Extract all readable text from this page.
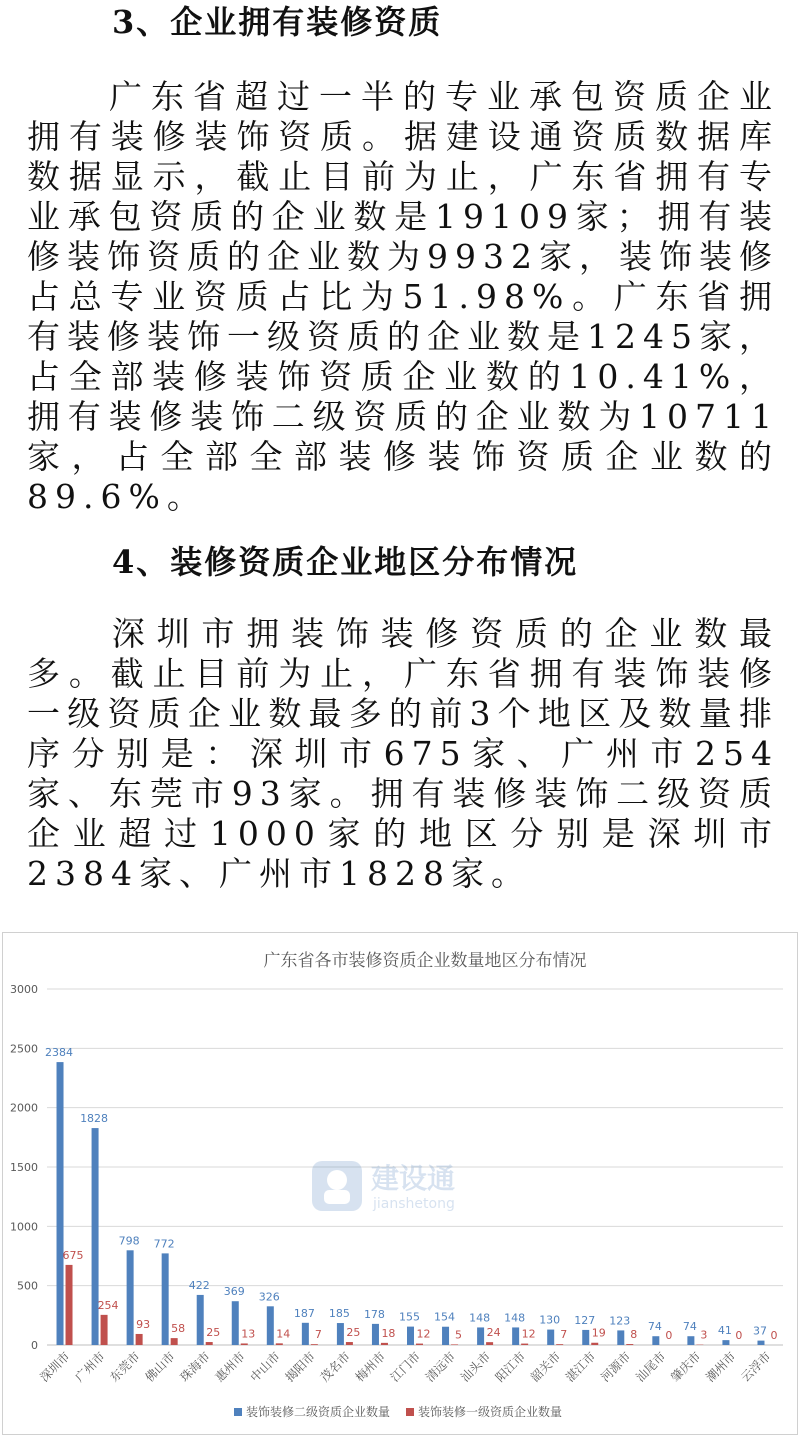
3、企业拥有装修资质

广东省超过一半的专业承包资质企业拥有装修装饰资质。据建设通资质数据库数据显示，截止目前为止，广东省拥有专业承包资质的企业数是19109家；拥有装修装饰资质的企业数为9932家，装饰装修占总专业资质占比为51.98%。广东省拥有装修装饰一级资质的企业数是1245家，占全部装修装饰资质企业数的10.41%，拥有装修装饰二级资质的企业数为10711家，占全部全部装修装饰资质企业数的89.6%。

4、装修资质企业地区分布情况

深圳市拥装饰装修资质的企业数最多。截止目前为止，广东省拥有装饰装修一级资质企业数最多的前3个地区及数量排序分别是：深圳市675家、广州市254家、东莞市93家。拥有装修装饰二级资质企业超过1000家的地区分别是深圳市2384家、广州市1828家。

广东省各市装修资质企业数量地区分布情况
0
500
1000
1500
2000
2500
3000
2384
675
深圳市
1828
254
广州市
798
93
东莞市
772
58
佛山市
422
25
珠海市
369
13
惠州市
326
14
中山市
187
7
揭阳市
185
25
茂名市
178
18
梅州市
155
12
江门市
154
5
清远市
148
24
汕头市
148
12
阳江市
130
7
韶关市
127
19
湛江市
123
8
河源市
74
0
汕尾市
74
3
肇庆市
41 0
潮州市
37 0
云浮市
装饰装修二级资质企业数量 装饰装修一级资质企业数量
建设通
jianshetong
